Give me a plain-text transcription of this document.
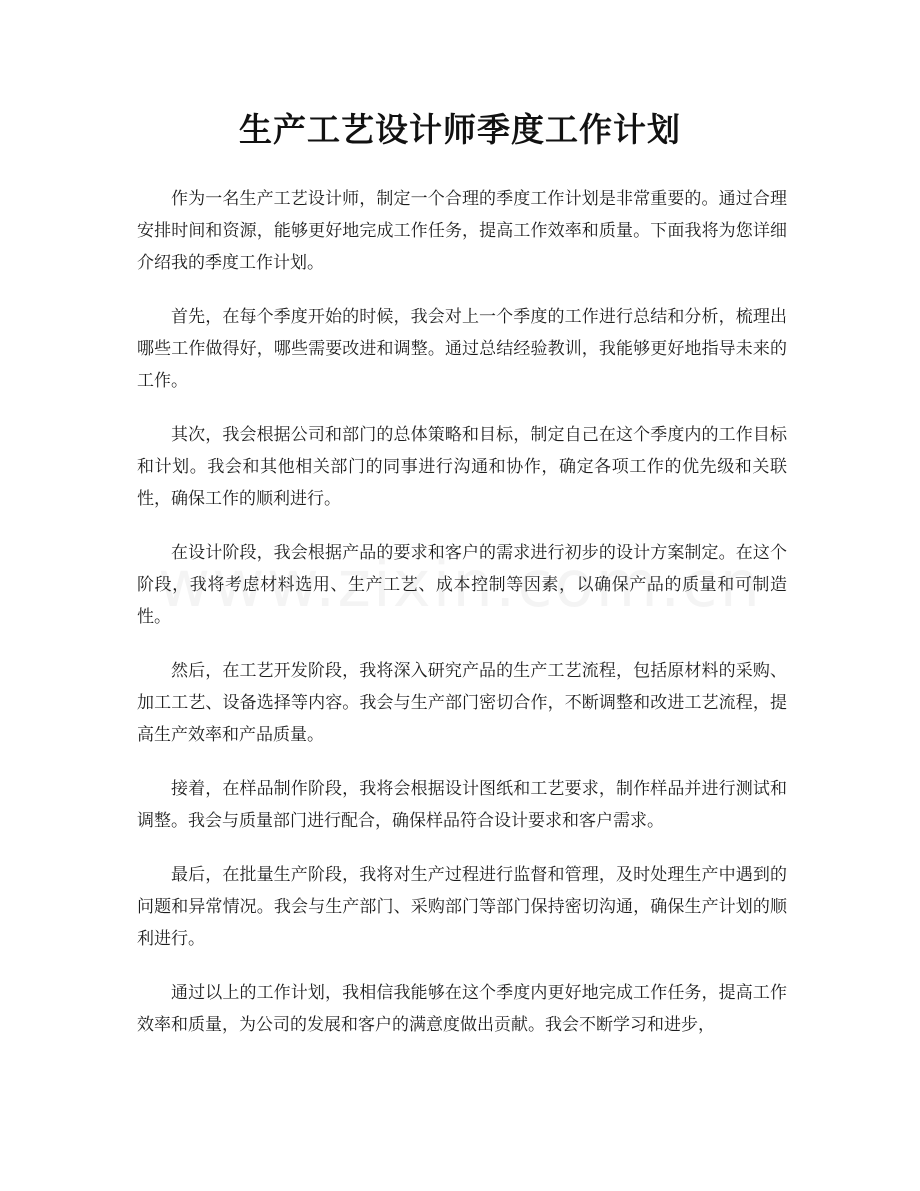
生产工艺设计师季度工作计划

作为一名生产工艺设计师，制定一个合理的季度工作计划是非常重要的。通过合理安排时间和资源，能够更好地完成工作任务，提高工作效率和质量。下面我将为您详细介绍我的季度工作计划。

首先，在每个季度开始的时候，我会对上一个季度的工作进行总结和分析，梳理出哪些工作做得好，哪些需要改进和调整。通过总结经验教训，我能够更好地指导未来的工作。

其次，我会根据公司和部门的总体策略和目标，制定自己在这个季度内的工作目标和计划。我会和其他相关部门的同事进行沟通和协作，确定各项工作的优先级和关联性，确保工作的顺利进行。

在设计阶段，我会根据产品的要求和客户的需求进行初步的设计方案制定。在这个阶段，我将考虑材料选用、生产工艺、成本控制等因素，以确保产品的质量和可制造性。

然后，在工艺开发阶段，我将深入研究产品的生产工艺流程，包括原材料的采购、加工工艺、设备选择等内容。我会与生产部门密切合作，不断调整和改进工艺流程，提高生产效率和产品质量。

接着，在样品制作阶段，我将会根据设计图纸和工艺要求，制作样品并进行测试和调整。我会与质量部门进行配合，确保样品符合设计要求和客户需求。

最后，在批量生产阶段，我将对生产过程进行监督和管理，及时处理生产中遇到的问题和异常情况。我会与生产部门、采购部门等部门保持密切沟通，确保生产计划的顺利进行。

通过以上的工作计划，我相信我能够在这个季度内更好地完成工作任务，提高工作效率和质量，为公司的发展和客户的满意度做出贡献。我会不断学习和进步，
